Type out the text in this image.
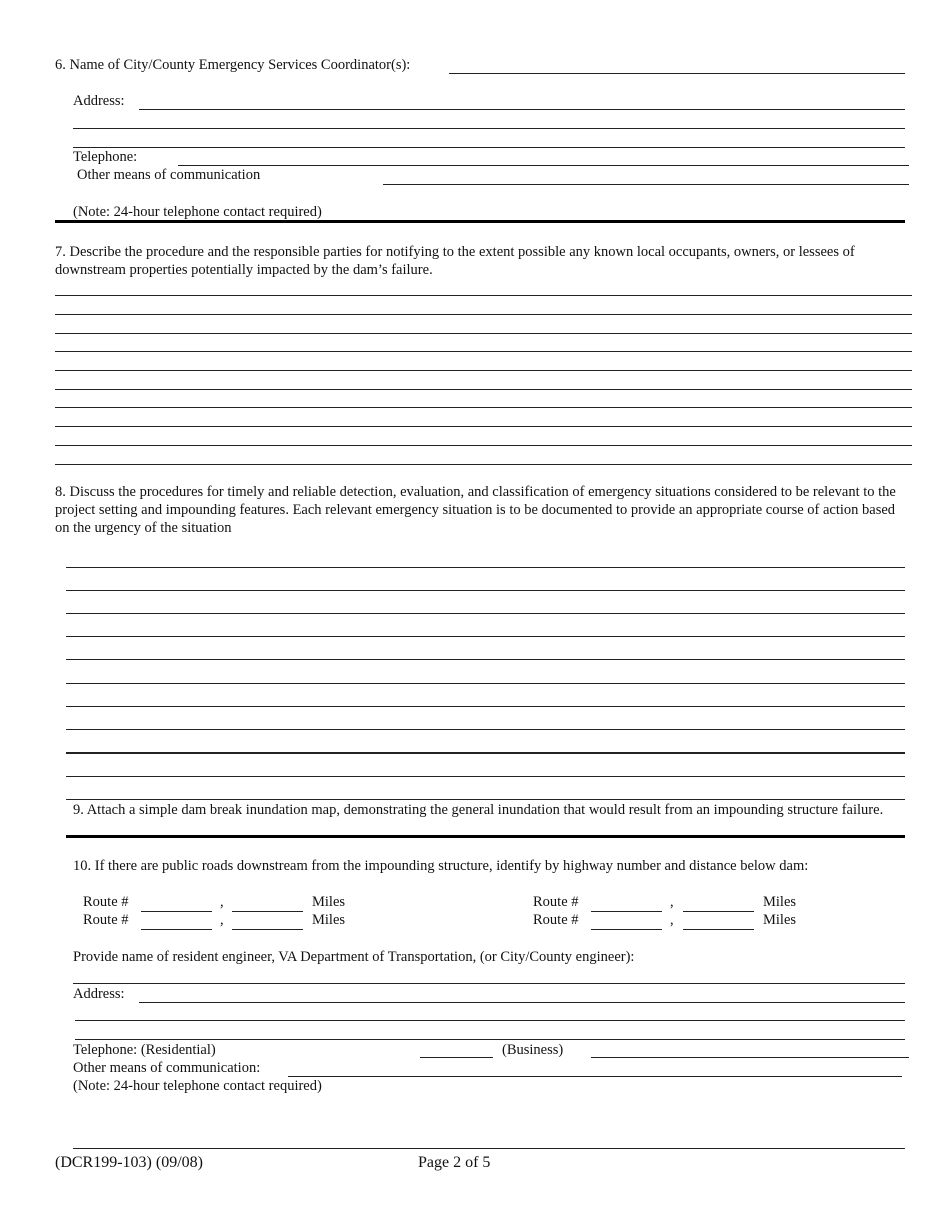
6. Name of City/County Emergency Services Coordinator(s):
Address:
Telephone:
Other means of communication
(Note: 24-hour telephone contact required)
7. Describe the procedure and the responsible parties for notifying to the extent possible any known local occupants, owners, or lessees of downstream properties potentially impacted by the dam’s failure.
8. Discuss the procedures for timely and reliable detection, evaluation, and classification of emergency situations considered to be relevant to the project setting and impounding features. Each relevant emergency situation is to be documented to provide an appropriate course of action based on the urgency of the situation
9. Attach a simple dam break inundation map, demonstrating the general inundation that would result from an impounding structure failure.
10. If there are public roads downstream from the impounding structure, identify by highway number and distance below dam:
Route #	,	Miles
Route #	,	Miles
Route #	,	Miles
Route #	,	Miles
Provide name of resident engineer, VA Department of Transportation, (or City/County engineer):
Address:
Telephone: (Residential)	(Business)
Other means of communication:
(Note: 24-hour telephone contact required)
(DCR199-103) (09/08)	Page 2 of 5
